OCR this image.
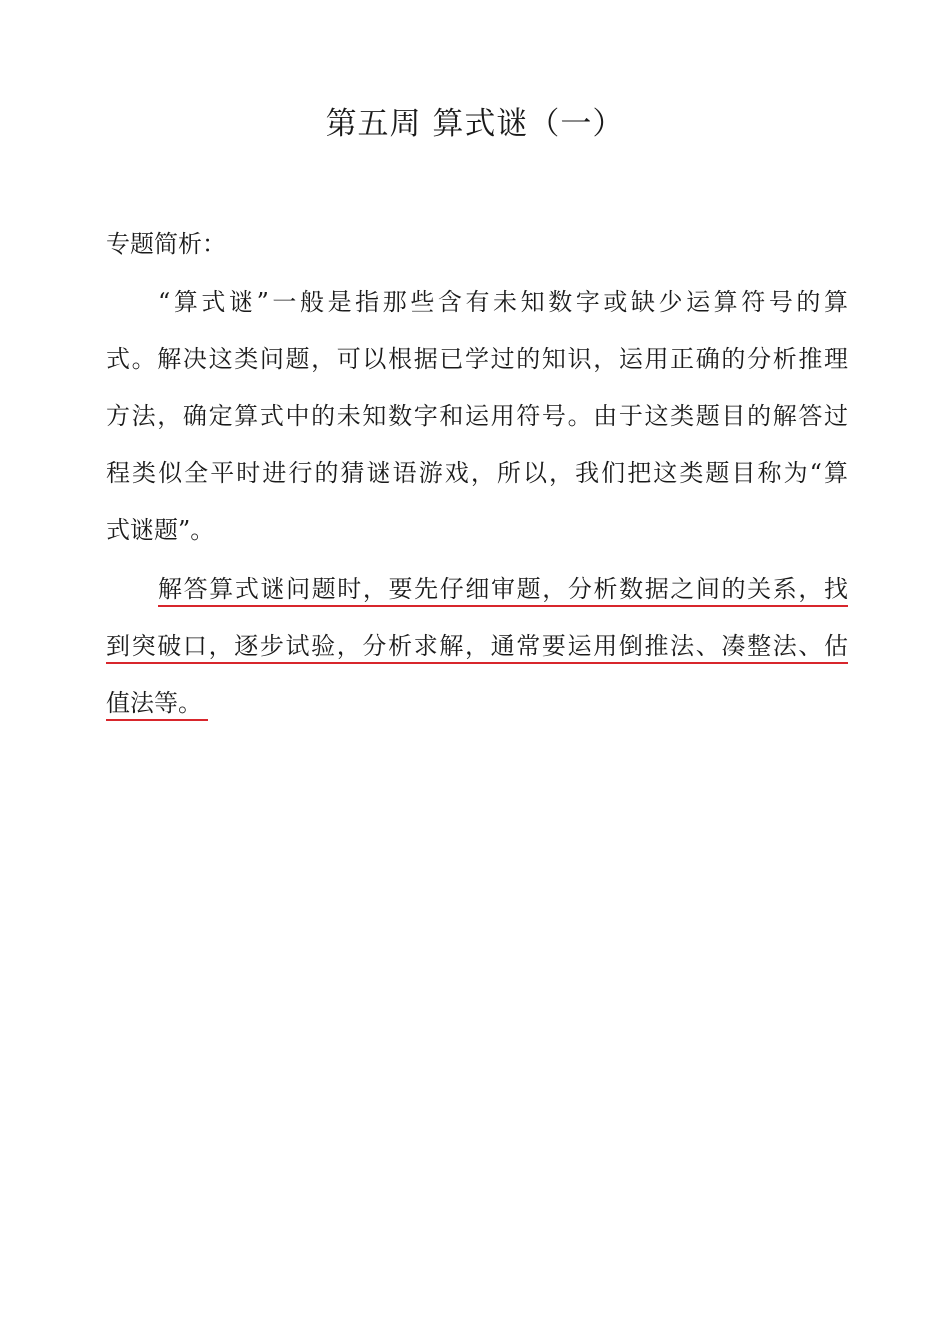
第五周 算式谜（一）
专题简析：
“算式谜”一般是指那些含有未知数字或缺少运算符号的算
式。解决这类问题，可以根据已学过的知识，运用正确的分析推理
方法，确定算式中的未知数字和运用符号。由于这类题目的解答过
程类似全平时进行的猜谜语游戏，所以，我们把这类题目称为“算
式谜题”。
解答算式谜问题时，要先仔细审题，分析数据之间的关系，找
到突破口，逐步试验，分析求解，通常要运用倒推法、凑整法、估
值法等。
